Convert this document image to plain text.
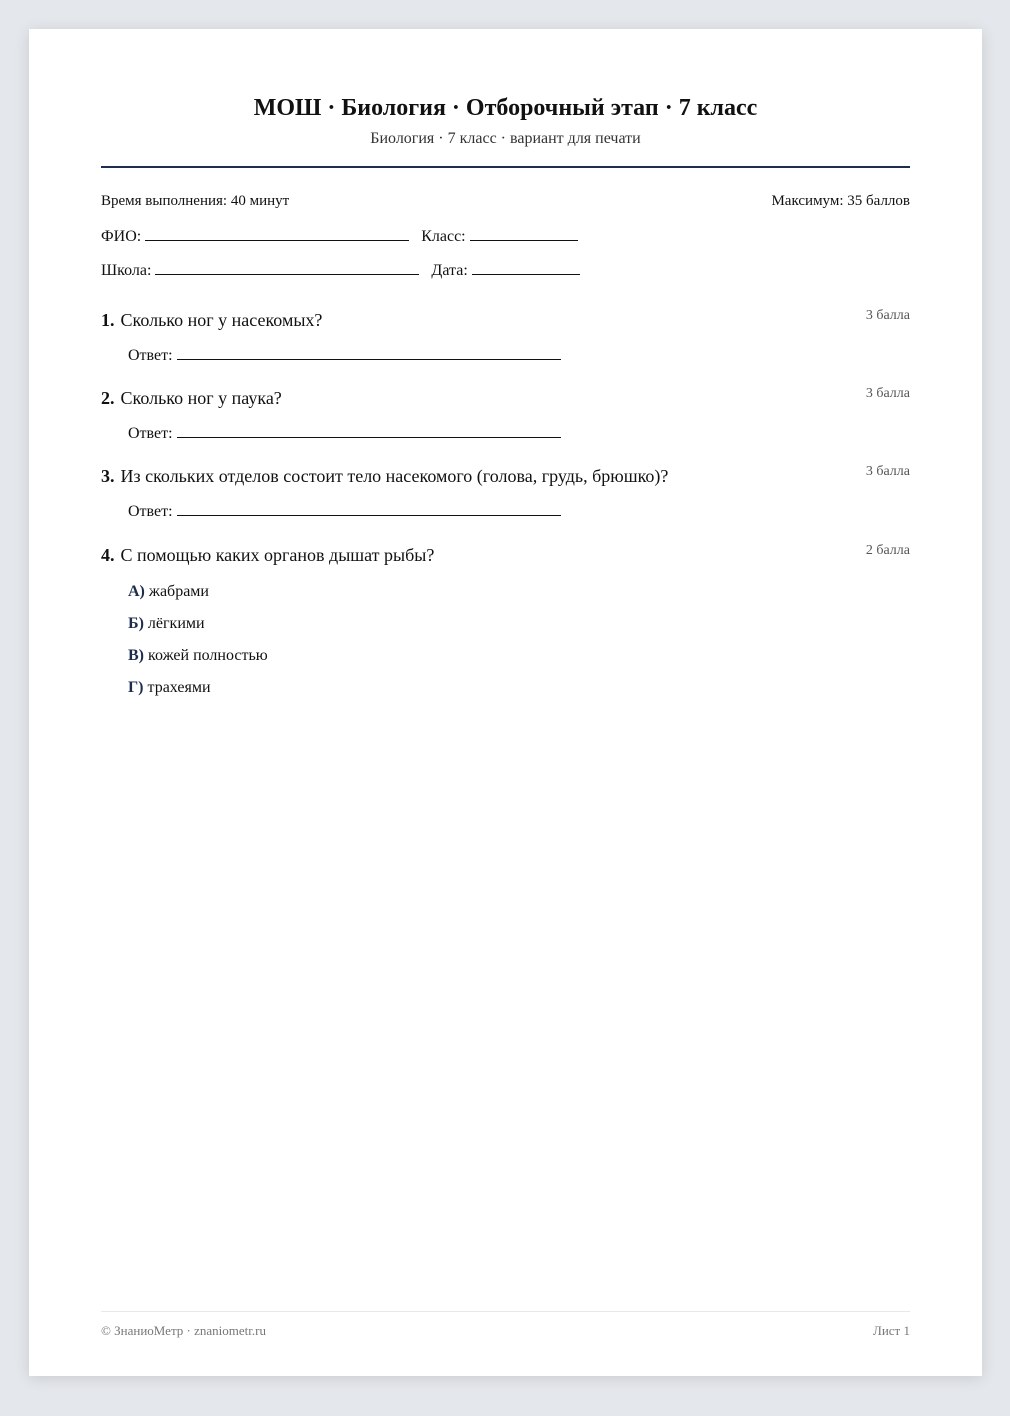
МОШ · Биология · Отборочный этап · 7 класс
Биология · 7 класс · вариант для печати
Время выполнения: 40 минут	Максимум: 35 баллов
ФИО:	Класс:
Школа:	Дата:
1. Сколько ног у насекомых?	3 балла
Ответ:
2. Сколько ног у паука?	3 балла
Ответ:
3. Из скольких отделов состоит тело насекомого (голова, грудь, брюшко)?	3 балла
Ответ:
4. С помощью каких органов дышат рыбы?	2 балла
А) жабрами
Б) лёгкими
В) кожей полностью
Г) трахеями
© ЗнаниоМетр · znaniometr.ru	Лист 1
